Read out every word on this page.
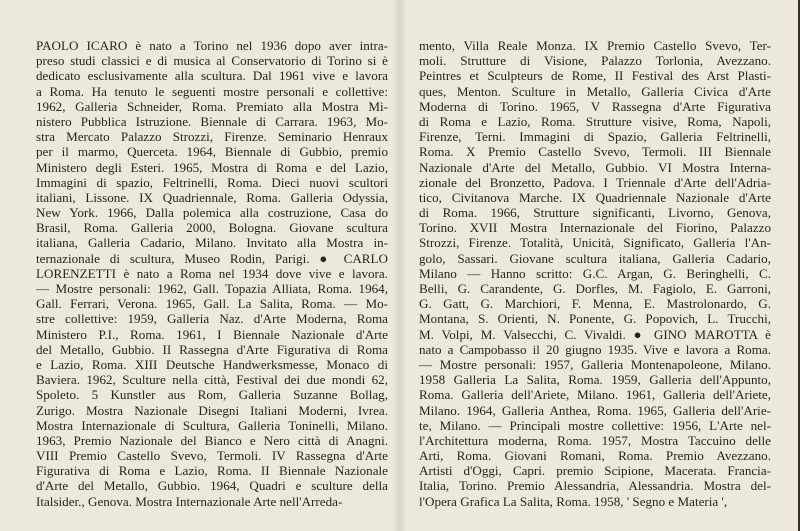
PAOLO ICARO è nato a Torino nel 1936 dopo aver intra-
preso studi classici e di musica al Conservatorio di Torino si è
dedicato esclusivamente alla scultura. Dal 1961 vive e lavora
a Roma. Ha tenuto le seguenti mostre personali e collettive:
1962, Galleria Schneider, Roma. Premiato alla Mostra Mi-
nistero Pubblica Istruzione. Biennale di Carrara. 1963, Mo-
stra Mercato Palazzo Strozzi, Firenze. Seminario Henraux
per il marmo, Querceta. 1964, Biennale di Gubbio, premio
Ministero degli Esteri. 1965, Mostra di Roma e del Lazio,
Immagini di spazio, Feltrinelli, Roma. Dieci nuovi scultori
italiani, Lissone. IX Quadriennale, Roma. Galleria Odyssia,
New York. 1966, Dalla polemica alla costruzione, Casa do
Brasil, Roma. Galleria 2000, Bologna. Giovane scultura
italiana, Galleria Cadario, Milano. Invitato alla Mostra in-
ternazionale di scultura, Museo Rodin, Parigi. ● CARLO
LORENZETTI è nato a Roma nel 1934 dove vive e lavora.
— Mostre personali: 1962, Gall. Topazia Alliata, Roma. 1964,
Gall. Ferrari, Verona. 1965, Gall. La Salita, Roma. — Mo-
stre collettive: 1959, Galleria Naz. d'Arte Moderna, Roma
Ministero P.I., Roma. 1961, I Biennale Nazionale d'Arte
del Metallo, Gubbio. II Rassegna d'Arte Figurativa di Roma
e Lazio, Roma. XIII Deutsche Handwerksmesse, Monaco di
Baviera. 1962, Sculture nella città, Festival dei due mondi 62,
Spoleto. 5 Kunstler aus Rom, Galleria Suzanne Bollag,
Zurigo. Mostra Nazionale Disegni Italiani Moderni, Ivrea.
Mostra Internazionale di Scultura, Galleria Toninelli, Milano.
1963, Premio Nazionale del Bianco e Nero città di Anagni.
VIII Premio Castello Svevo, Termoli. IV Rassegna d'Arte
Figurativa di Roma e Lazio, Roma. II Biennale Nazionale
d'Arte del Metallo, Gubbio. 1964, Quadri e sculture della
Italsider., Genova. Mostra Internazionale Arte nell'Arreda-
mento, Villa Reale Monza. IX Premio Castello Svevo, Ter-
moli. Strutture di Visione, Palazzo Torlonia, Avezzano.
Peintres et Sculpteurs de Rome, II Festival des Arst Plasti-
ques, Menton. Sculture in Metallo, Galleria Civica d'Arte
Moderna di Torino. 1965, V Rassegna d'Arte Figurativa
di Roma e Lazio, Roma. Strutture visive, Roma, Napoli,
Firenze, Terni. Immagini di Spazio, Galleria Feltrinelli,
Roma. X Premio Castello Svevo, Termoli. III Biennale
Nazionale d'Arte del Metallo, Gubbio. VI Mostra Interna-
zionale del Bronzetto, Padova. I Triennale d'Arte dell'Adria-
tico, Civitanova Marche. IX Quadriennale Nazionale d'Arte
di Roma. 1966, Strutture significanti, Livorno, Genova,
Torino. XVII Mostra Internazionale del Fiorino, Palazzo
Strozzi, Firenze. Totalità, Unicità, Significato, Galleria l'An-
golo, Sassari. Giovane scultura italiana, Galleria Cadario,
Milano — Hanno scritto: G.C. Argan, G. Beringhelli, C.
Belli, G. Carandente, G. Dorfles, M. Fagiolo, E. Garroni,
G. Gatt, G. Marchiori, F. Menna, E. Mastrolonardo, G.
Montana, S. Orienti, N. Ponente, G. Popovich, L. Trucchi,
M. Volpi, M. Valsecchi, C. Vivaldi. ● GINO MAROTTA è
nato a Campobasso il 20 giugno 1935. Vive e lavora a Roma.
— Mostre personali: 1957, Galleria Montenapoleone, Milano.
1958 Galleria La Salita, Roma. 1959, Galleria dell'Appunto,
Roma. Galleria dell'Ariete, Milano. 1961, Galleria dell'Ariete,
Milano. 1964, Galleria Anthea, Roma. 1965, Galleria dell'Arie-
te, Milano. — Principali mostre collettive: 1956, L'Arte nel-
l'Architettura moderna, Roma. 1957, Mostra Taccuino delle
Arti, Roma. Giovani Romani, Roma. Premio Avezzano.
Artisti d'Oggi, Capri. premio Scipione, Macerata. Francia-
Italia, Torino. Premio Alessandria, Alessandria. Mostra del-
l'Opera Grafica La Salita, Roma. 1958, ' Segno e Materia ',
